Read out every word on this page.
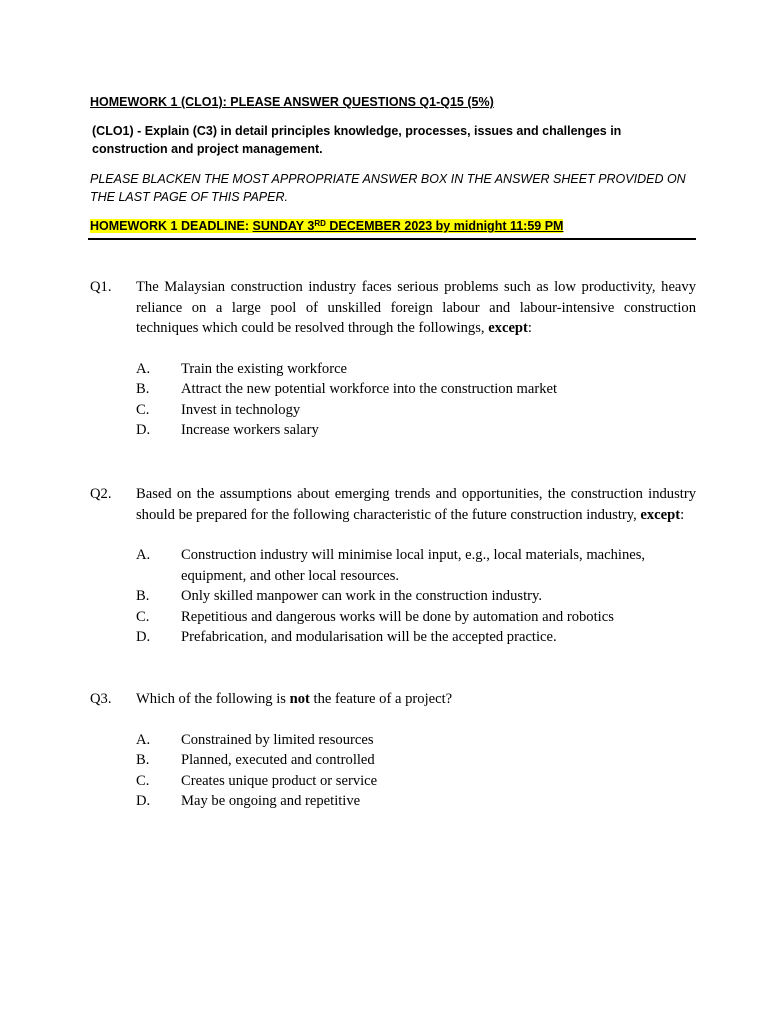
HOMEWORK 1 (CLO1): PLEASE ANSWER QUESTIONS Q1-Q15 (5%)
(CLO1) - Explain (C3) in detail principles knowledge, processes, issues and challenges in construction and project management.
PLEASE BLACKEN THE MOST APPROPRIATE ANSWER BOX IN THE ANSWER SHEET PROVIDED ON THE LAST PAGE OF THIS PAPER.
HOMEWORK 1 DEADLINE: SUNDAY 3RD DECEMBER 2023 by midnight 11:59 PM
Q1.	The Malaysian construction industry faces serious problems such as low productivity, heavy reliance on a large pool of unskilled foreign labour and labour-intensive construction techniques which could be resolved through the followings, except:
A.	Train the existing workforce
B.	Attract the new potential workforce into the construction market
C.	Invest in technology
D.	Increase workers salary
Q2.	Based on the assumptions about emerging trends and opportunities, the construction industry should be prepared for the following characteristic of the future construction industry, except:
A.	Construction industry will minimise local input, e.g., local materials, machines, equipment, and other local resources.
B.	Only skilled manpower can work in the construction industry.
C.	Repetitious and dangerous works will be done by automation and robotics
D.	Prefabrication, and modularisation will be the accepted practice.
Q3.	Which of the following is not the feature of a project?
A.	Constrained by limited resources
B.	Planned, executed and controlled
C.	Creates unique product or service
D.	May be ongoing and repetitive
